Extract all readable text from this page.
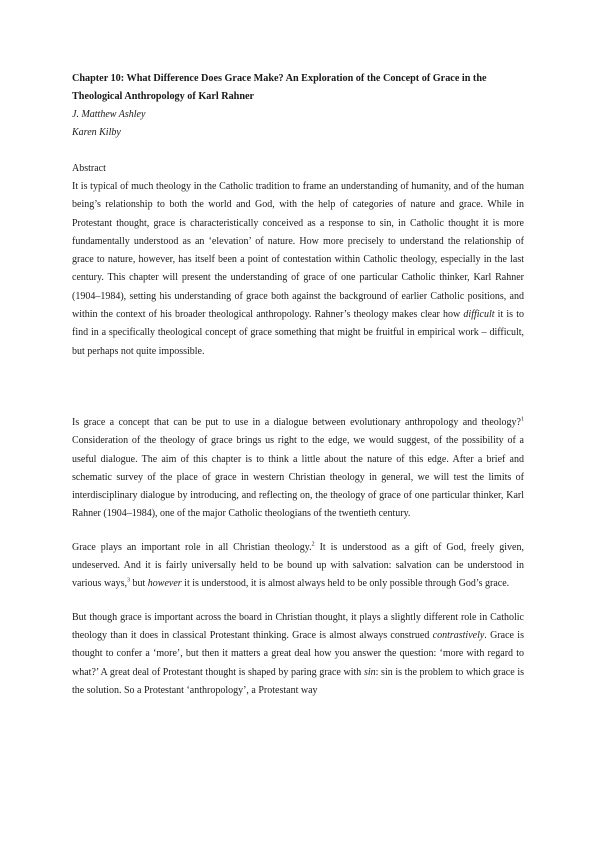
Chapter 10: What Difference Does Grace Make? An Exploration of the Concept of Grace in the Theological Anthropology of Karl Rahner

J. Matthew Ashley

Karen Kilby

Abstract

It is typical of much theology in the Catholic tradition to frame an understanding of humanity, and of the human being’s relationship to both the world and God, with the help of categories of nature and grace. While in Protestant thought, grace is characteristically conceived as a response to sin, in Catholic thought it is more fundamentally understood as an ‘elevation’ of nature. How more precisely to understand the relationship of grace to nature, however, has itself been a point of contestation within Catholic theology, especially in the last century. This chapter will present the understanding of grace of one particular Catholic thinker, Karl Rahner (1904–1984), setting his understanding of grace both against the background of earlier Catholic positions, and within the context of his broader theological anthropology. Rahner’s theology makes clear how difficult it is to find in a specifically theological concept of grace something that might be fruitful in empirical work – difficult, but perhaps not quite impossible.

Is grace a concept that can be put to use in a dialogue between evolutionary anthropology and theology?$^1$ Consideration of the theology of grace brings us right to the edge, we would suggest, of the possibility of a useful dialogue. The aim of this chapter is to think a little about the nature of this edge. After a brief and schematic survey of the place of grace in western Christian theology in general, we will test the limits of interdisciplinary dialogue by introducing, and reflecting on, the theology of grace of one particular thinker, Karl Rahner (1904–1984), one of the major Catholic theologians of the twentieth century.

Grace plays an important role in all Christian theology.$^2$ It is understood as a gift of God, freely given, undeserved. And it is fairly universally held to be bound up with salvation: salvation can be understood in various ways,$^3$ but however it is understood, it is almost always held to be only possible through God’s grace.

But though grace is important across the board in Christian thought, it plays a slightly different role in Catholic theology than it does in classical Protestant thinking. Grace is almost always construed contrastively. Grace is thought to confer a ‘more’, but then it matters a great deal how you answer the question: ‘more with regard to what?’ A great deal of Protestant thought is shaped by paring grace with sin: sin is the problem to which grace is the solution. So a Protestant ‘anthropology’, a Protestant way
